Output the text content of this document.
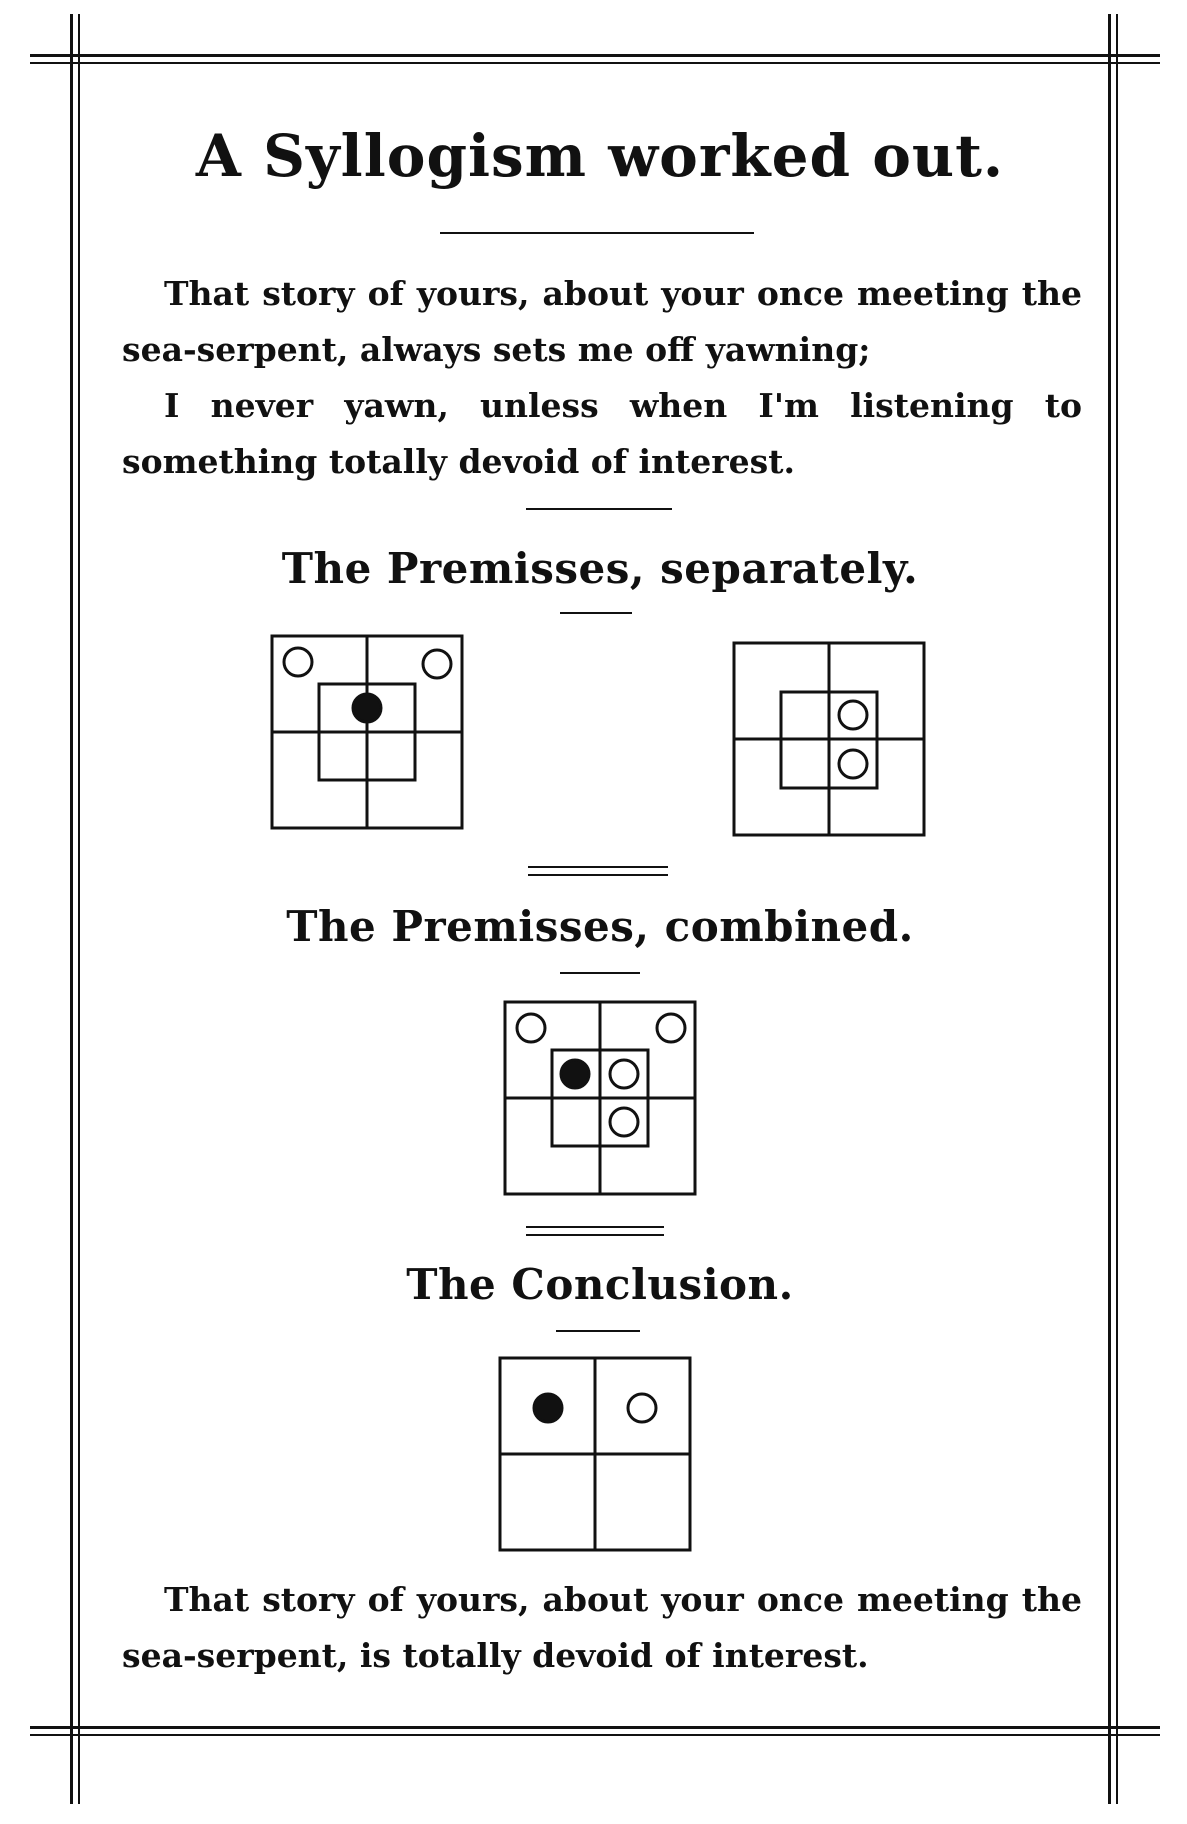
A Syllogism worked out.

That story of yours, about your once meeting the sea-serpent, always sets me off yawning;

I never yawn, unless when I'm listening to something totally devoid of interest.

The Premisses, separately.
The Premisses, combined.
The Conclusion.

That story of yours, about your once meeting the sea-serpent, is totally devoid of interest.
